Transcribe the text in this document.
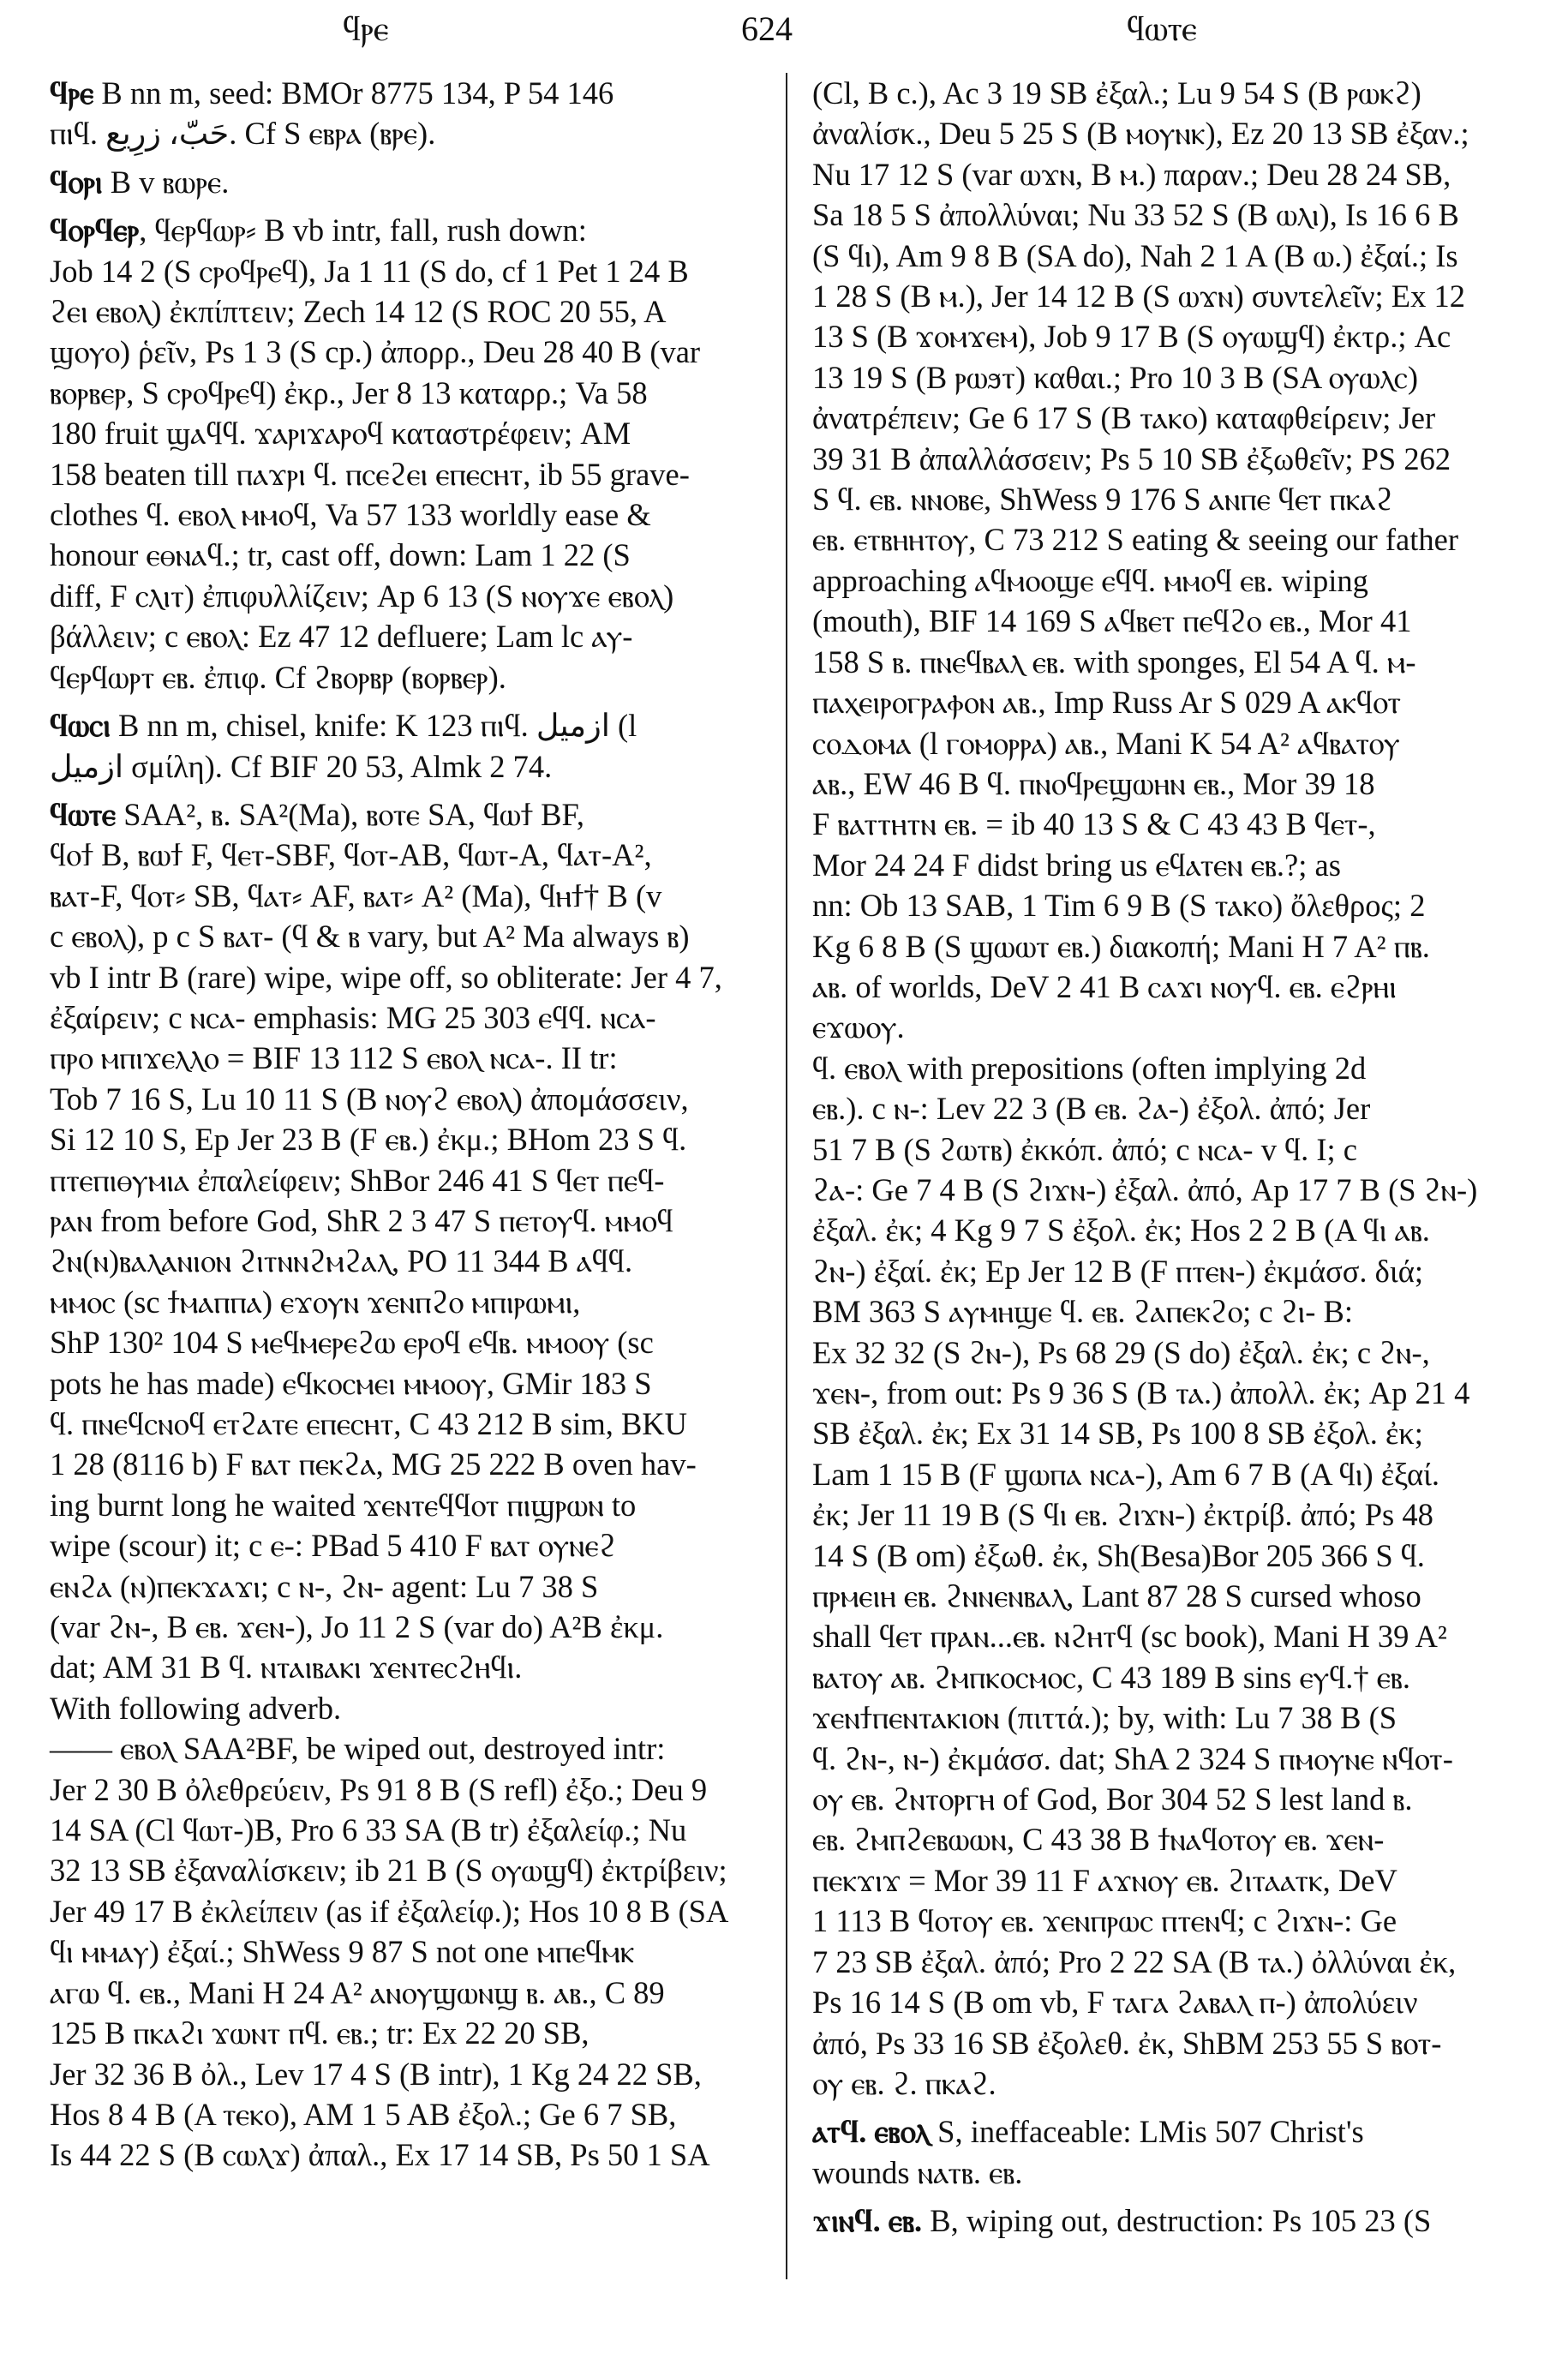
ϥⲣⲉ	624	ϥⲱⲧⲉ

ϥⲣⲉ B nn m, seed: BMOr 8775 134, P 54 146
ⲡⲓϥ. ﺣَﺐّ، زرِيع. Cf S ⲉⲃⲣⲁ (ⲃⲣⲉ).

ϥⲟⲣⲓ B v ⲃⲱⲣⲉ.

ϥⲟⲣϥⲉⲣ, ϥⲉⲣϥⲱⲣ⸗ B vb intr, fall, rush down:
Job 14 2 (S ⲥⲣⲟϥⲣⲉϥ), Ja 1 11 (S do, cf 1 Pet 1 24 B
ϩⲉⲓ ⲉⲃⲟⲗ) ἐκπίπτειν; Zech 14 12 (S ROC 20 55, A
ϣⲟⲩⲟ) ῥεῖν, Ps 1 3 (S cp.) ἀπορρ., Deu 28 40 B (var
ⲃⲟⲣⲃⲉⲣ, S ⲥⲣⲟϥⲣⲉϥ) ἐκρ., Jer 8 13 καταρρ.; Va 58
180 fruit ϣⲁϥϥ. ϫⲁⲣⲓϫⲁⲣⲟϥ καταστρέφειν; AM
158 beaten till ⲡⲁϫⲣⲓ ϥ. ⲡⲥⲉϩⲉⲓ ⲉⲡⲉⲥⲏⲧ, ib 55 grave-
clothes ϥ. ⲉⲃⲟⲗ ⲙⲙⲟϥ, Va 57 133 worldly ease &
honour ⲉⲑⲛⲁϥ.; tr, cast off, down: Lam 1 22 (S
diff, F ⲥⲗⲓⲧ) ἐπιφυλλίζειν; Ap 6 13 (S ⲛⲟⲩϫⲉ ⲉⲃⲟⲗ)
βάλλειν; c ⲉⲃⲟⲗ: Ez 47 12 defluere; Lam lc ⲁⲩ-
ϥⲉⲣϥⲱⲣⲧ ⲉⲃ. ἐπιφ. Cf ϩⲃⲟⲣⲃⲣ (ⲃⲟⲣⲃⲉⲣ).

ϥⲱⲥⲓ B nn m, chisel, knife: K 123 ⲡⲓϥ. ﺍﺯﻣﻴﻞ (l
ﺍﺯﻣﻴﻞ σμίλη). Cf BIF 20 53, Almk 2 74.

ϥⲱⲧⲉ SAA², ⲃ. SA²(Ma), ⲃⲟⲧⲉ SA, ϥⲱϯ BF,
ϥⲟϯ B, ⲃⲱϯ F, ϥⲉⲧ-SBF, ϥⲟⲧ-AB, ϥⲱⲧ-A, ϥⲁⲧ-A²,
ⲃⲁⲧ-F, ϥⲟⲧ⸗ SB, ϥⲁⲧ⸗ AF, ⲃⲁⲧ⸗ A² (Ma), ϥⲏϯ† B (v
c ⲉⲃⲟⲗ), p c S ⲃⲁⲧ- (ϥ & ⲃ vary, but A² Ma always ⲃ)
vb I intr B (rare) wipe, wipe off, so obliterate: Jer 4 7,
ἐξαίρειν; c ⲛⲥⲁ- emphasis: MG 25 303 ⲉϥϥ. ⲛⲥⲁ-
ⲡⲣⲟ ⲙⲡⲓϫⲉⲗⲗⲟ = BIF 13 112 S ⲉⲃⲟⲗ ⲛⲥⲁ-. II tr:
Tob 7 16 S, Lu 10 11 S (B ⲛⲟⲩϩ ⲉⲃⲟⲗ) ἀπομάσσειν,
Si 12 10 S, Ep Jer 23 B (F ⲉⲃ.) ἐκμ.; BHom 23 S ϥ.
ⲡⲧⲉⲡⲓⲑⲩⲙⲓⲁ ἐπαλείφειν; ShBor 246 41 S ϥⲉⲧ ⲡⲉϥ-
ⲣⲁⲛ from before God, ShR 2 3 47 S ⲡⲉⲧⲟⲩϥ. ⲙⲙⲟϥ
ϩⲛ(ⲛ)ⲃⲁⲗⲁⲛⲓⲟⲛ ϩⲓⲧⲛⲛϩⲙϩⲁⲗ, PO 11 344 B ⲁϥϥ.
ⲙⲙⲟⲥ (sc ϯⲙⲁⲡⲡⲁ) ⲉϫⲟⲩⲛ ϫⲉⲛⲡϩⲟ ⲙⲡⲓⲣⲱⲙⲓ,
ShP 130² 104 S ⲙⲉϥⲙⲉⲣⲉϩⲱ ⲉⲣⲟϥ ⲉϥⲃ. ⲙⲙⲟⲟⲩ (sc
pots he has made) ⲉϥⲕⲟⲥⲙⲉⲓ ⲙⲙⲟⲟⲩ, GMir 183 S
ϥ. ⲡⲛⲉϥⲥⲛⲟϥ ⲉⲧϩⲁⲧⲉ ⲉⲡⲉⲥⲏⲧ, C 43 212 B sim, BKU
1 28 (8116 b) F ⲃⲁⲧ ⲡⲉⲕϩⲁ, MG 25 222 B oven hav-
ing burnt long he waited ϫⲉⲛⲧⲉϥϥⲟⲧ ⲡⲓϣⲣⲱⲛ to
wipe (scour) it; c ⲉ-: PBad 5 410 F ⲃⲁⲧ ⲟⲩⲛⲉϩ
ⲉⲛϩⲁ (ⲛ)ⲡⲉⲕϫⲁϫⲓ; c ⲛ-, ϩⲛ- agent: Lu 7 38 S
(var ϩⲛ-, B ⲉⲃ. ϫⲉⲛ-), Jo 11 2 S (var do) A²B ἐκμ.
dat; AM 31 B ϥ. ⲛⲧⲁⲓⲃⲁⲕⲓ ϫⲉⲛⲧⲉⲥϩⲏϥⲓ.
With following adverb.
—— ⲉⲃⲟⲗ SAA²BF, be wiped out, destroyed intr:
Jer 2 30 B ὀλεθρεύειν, Ps 91 8 B (S refl) ἐξο.; Deu 9
14 SA (Cl ϥⲱⲧ-)B, Pro 6 33 SA (B tr) ἐξαλείφ.; Nu
32 13 SB ἐξαναλίσκειν; ib 21 B (S ⲟⲩⲱϣϥ) ἐκτρίβειν;
Jer 49 17 B ἐκλείπειν (as if ἐξαλείφ.); Hos 10 8 B (SA
ϥⲓ ⲙⲙⲁⲩ) ἐξαί.; ShWess 9 87 S not one ⲙⲡⲉϥⲙⲕ
ⲁⲅⲱ ϥ. ⲉⲃ., Mani H 24 A² ⲁⲛⲟⲩϣⲱⲛϣ ⲃ. ⲁⲃ., C 89
125 B ⲡⲕⲁϩⲓ ϫⲱⲛⲧ ⲡϥ. ⲉⲃ.; tr: Ex 22 20 SB,
Jer 32 36 B ὀλ., Lev 17 4 S (B intr), 1 Kg 24 22 SB,
Hos 8 4 B (A ⲧⲉⲕⲟ), AM 1 5 AB ἐξολ.; Ge 6 7 SB,
Is 44 22 S (B ⲥⲱⲗϫ) ἀπαλ., Ex 17 14 SB, Ps 50 1 SA

(Cl, B c.), Ac 3 19 SB ἐξαλ.; Lu 9 54 S (B ⲣⲱⲕϩ)
ἀναλίσκ., Deu 5 25 S (B ⲙⲟⲩⲛⲕ), Ez 20 13 SB ἐξαν.;
Nu 17 12 S (var ⲱϫⲛ, B ⲙ.) παραν.; Deu 28 24 SB,
Sa 18 5 S ἀπολλύναι; Nu 33 52 S (B ⲱⲗⲓ), Is 16 6 B
(S ϥⲓ), Am 9 8 B (SA do), Nah 2 1 A (B ⲱ.) ἐξαί.; Is
1 28 S (B ⲙ.), Jer 14 12 B (S ⲱϫⲛ) συντελεῖν; Ex 12
13 S (B ϫⲟⲙϫⲉⲙ), Job 9 17 B (S ⲟⲩⲱϣϥ) ἐκτρ.; Ac
13 19 S (B ⲣⲱϧⲧ) καθαι.; Pro 10 3 B (SA ⲟⲩⲱⲗⲥ)
ἀνατρέπειν; Ge 6 17 S (B ⲧⲁⲕⲟ) καταφθείρειν; Jer
39 31 B ἀπαλλάσσειν; Ps 5 10 SB ἐξωθεῖν; PS 262
S ϥ. ⲉⲃ. ⲛⲛⲟⲃⲉ, ShWess 9 176 S ⲁⲛⲡⲉ ϥⲉⲧ ⲡⲕⲁϩ
ⲉⲃ. ⲉⲧⲃⲏⲏⲧⲟⲩ, C 73 212 S eating & seeing our father
approaching ⲁϥⲙⲟⲟϣⲉ ⲉϥϥ. ⲙⲙⲟϥ ⲉⲃ. wiping
(mouth), BIF 14 169 S ⲁϥⲃⲉⲧ ⲡⲉϥϩⲟ ⲉⲃ., Mor 41
158 S ⲃ. ⲡⲛⲉϥⲃⲁⲗ ⲉⲃ. with sponges, El 54 A ϥ. ⲙ-
ⲡⲁⲭⲉⲓⲣⲟⲅⲣⲁⲫⲟⲛ ⲁⲃ., Imp Russ Ar S 029 A ⲁⲕϥⲟⲧ
ⲥⲟⲇⲟⲙⲁ (l ⲅⲟⲙⲟⲣⲣⲁ) ⲁⲃ., Mani K 54 A² ⲁϥⲃⲁⲧⲟⲩ
ⲁⲃ., EW 46 B ϥ. ⲡⲛⲟϥⲣⲉϣⲱⲏⲛ ⲉⲃ., Mor 39 18
F ⲃⲁⲧⲧⲏⲧⲛ ⲉⲃ. = ib 40 13 S & C 43 43 B ϥⲉⲧ-,
Mor 24 24 F didst bring us ⲉϥⲁⲧⲉⲛ ⲉⲃ.?; as
nn: Ob 13 SAB, 1 Tim 6 9 B (S ⲧⲁⲕⲟ) ὄλεθρος; 2
Kg 6 8 B (S ϣⲱⲱⲧ ⲉⲃ.) διακοπή; Mani H 7 A² ⲡⲃ.
ⲁⲃ. of worlds, DeV 2 41 B ⲥⲁϫⲓ ⲛⲟⲩϥ. ⲉⲃ. ⲉϩⲣⲏⲓ
ⲉϫⲱⲟⲩ.
ϥ. ⲉⲃⲟⲗ with prepositions (often implying 2d
ⲉⲃ.). c ⲛ-: Lev 22 3 (B ⲉⲃ. ϩⲁ-) ἐξολ. ἀπό; Jer
51 7 B (S ϩⲱⲧⲃ) ἐκκόπ. ἀπό; c ⲛⲥⲁ- v ϥ. I; c
ϩⲁ-: Ge 7 4 B (S ϩⲓϫⲛ-) ἐξαλ. ἀπό, Ap 17 7 B (S ϩⲛ-)
ἐξαλ. ἐκ; 4 Kg 9 7 S ἐξολ. ἐκ; Hos 2 2 B (A ϥⲓ ⲁⲃ.
ϩⲛ-) ἐξαί. ἐκ; Ep Jer 12 B (F ⲡⲧⲉⲛ-) ἐκμάσσ. διά;
BM 363 S ⲁⲩⲙⲏϣⲉ ϥ. ⲉⲃ. ϩⲁⲡⲉⲕϩⲟ; c ϩⲓ- B:
Ex 32 32 (S ϩⲛ-), Ps 68 29 (S do) ἐξαλ. ἐκ; c ϩⲛ-,
ϫⲉⲛ-, from out: Ps 9 36 S (B ⲧⲁ.) ἀπολλ. ἐκ; Ap 21 4
SB ἐξαλ. ἐκ; Ex 31 14 SB, Ps 100 8 SB ἐξολ. ἐκ;
Lam 1 15 B (F ϣⲱⲡⲁ ⲛⲥⲁ-), Am 6 7 B (A ϥⲓ) ἐξαί.
ἐκ; Jer 11 19 B (S ϥⲓ ⲉⲃ. ϩⲓϫⲛ-) ἐκτρίβ. ἀπό; Ps 48
14 S (B om) ἐξωθ. ἐκ, Sh(Besa)Bor 205 366 S ϥ.
ⲡⲣⲙⲉⲓⲏ ⲉⲃ. ϩⲛⲛⲉⲛⲃⲁⲗ, Lant 87 28 S cursed whoso
shall ϥⲉⲧ ⲡⲣⲁⲛ...ⲉⲃ. ⲛϩⲏⲧϥ (sc book), Mani H 39 A²
ⲃⲁⲧⲟⲩ ⲁⲃ. ϩⲙⲡⲕⲟⲥⲙⲟⲥ, C 43 189 B sins ⲉⲩϥ.† ⲉⲃ.
ϫⲉⲛϯⲡⲉⲛⲧⲁⲕⲓⲟⲛ (πιττά.); by, with: Lu 7 38 B (S
ϥ. ϩⲛ-, ⲛ-) ἐκμάσσ. dat; ShA 2 324 S ⲡⲙⲟⲩⲛⲉ ⲛϥⲟⲧ-
ⲟⲩ ⲉⲃ. ϩⲛⲧⲟⲣⲅⲏ of God, Bor 304 52 S lest land ⲃ.
ⲉⲃ. ϩⲙⲡϩⲉⲃⲱⲱⲛ, C 43 38 B ϯⲛⲁϥⲟⲧⲟⲩ ⲉⲃ. ϫⲉⲛ-
ⲡⲉⲕϫⲓϫ = Mor 39 11 F ⲁϫⲛⲟⲩ ⲉⲃ. ϩⲓⲧⲁⲁⲧⲕ, DeV
1 113 B ϥⲟⲧⲟⲩ ⲉⲃ. ϫⲉⲛⲡⲣⲱⲥ ⲡⲧⲉⲛϥ; c ϩⲓϫⲛ-: Ge
7 23 SB ἐξαλ. ἀπό; Pro 2 22 SA (B ⲧⲁ.) ὀλλύναι ἐκ,
Ps 16 14 S (B om vb, F ⲧⲁⲅⲁ ϩⲁⲃⲁⲗ ⲡ-) ἀπολύειν
ἀπό, Ps 33 16 SB ἐξολεθ. ἐκ, ShBM 253 55 S ⲃⲟⲧ-
ⲟⲩ ⲉⲃ. ϩ. ⲡⲕⲁϩ.

ⲁⲧϥ. ⲉⲃⲟⲗ S, ineffaceable: LMis 507 Christ's
wounds ⲛⲁⲧⲃ. ⲉⲃ.

ϫⲓⲛϥ. ⲉⲃ. B, wiping out, destruction: Ps 105 23 (S
